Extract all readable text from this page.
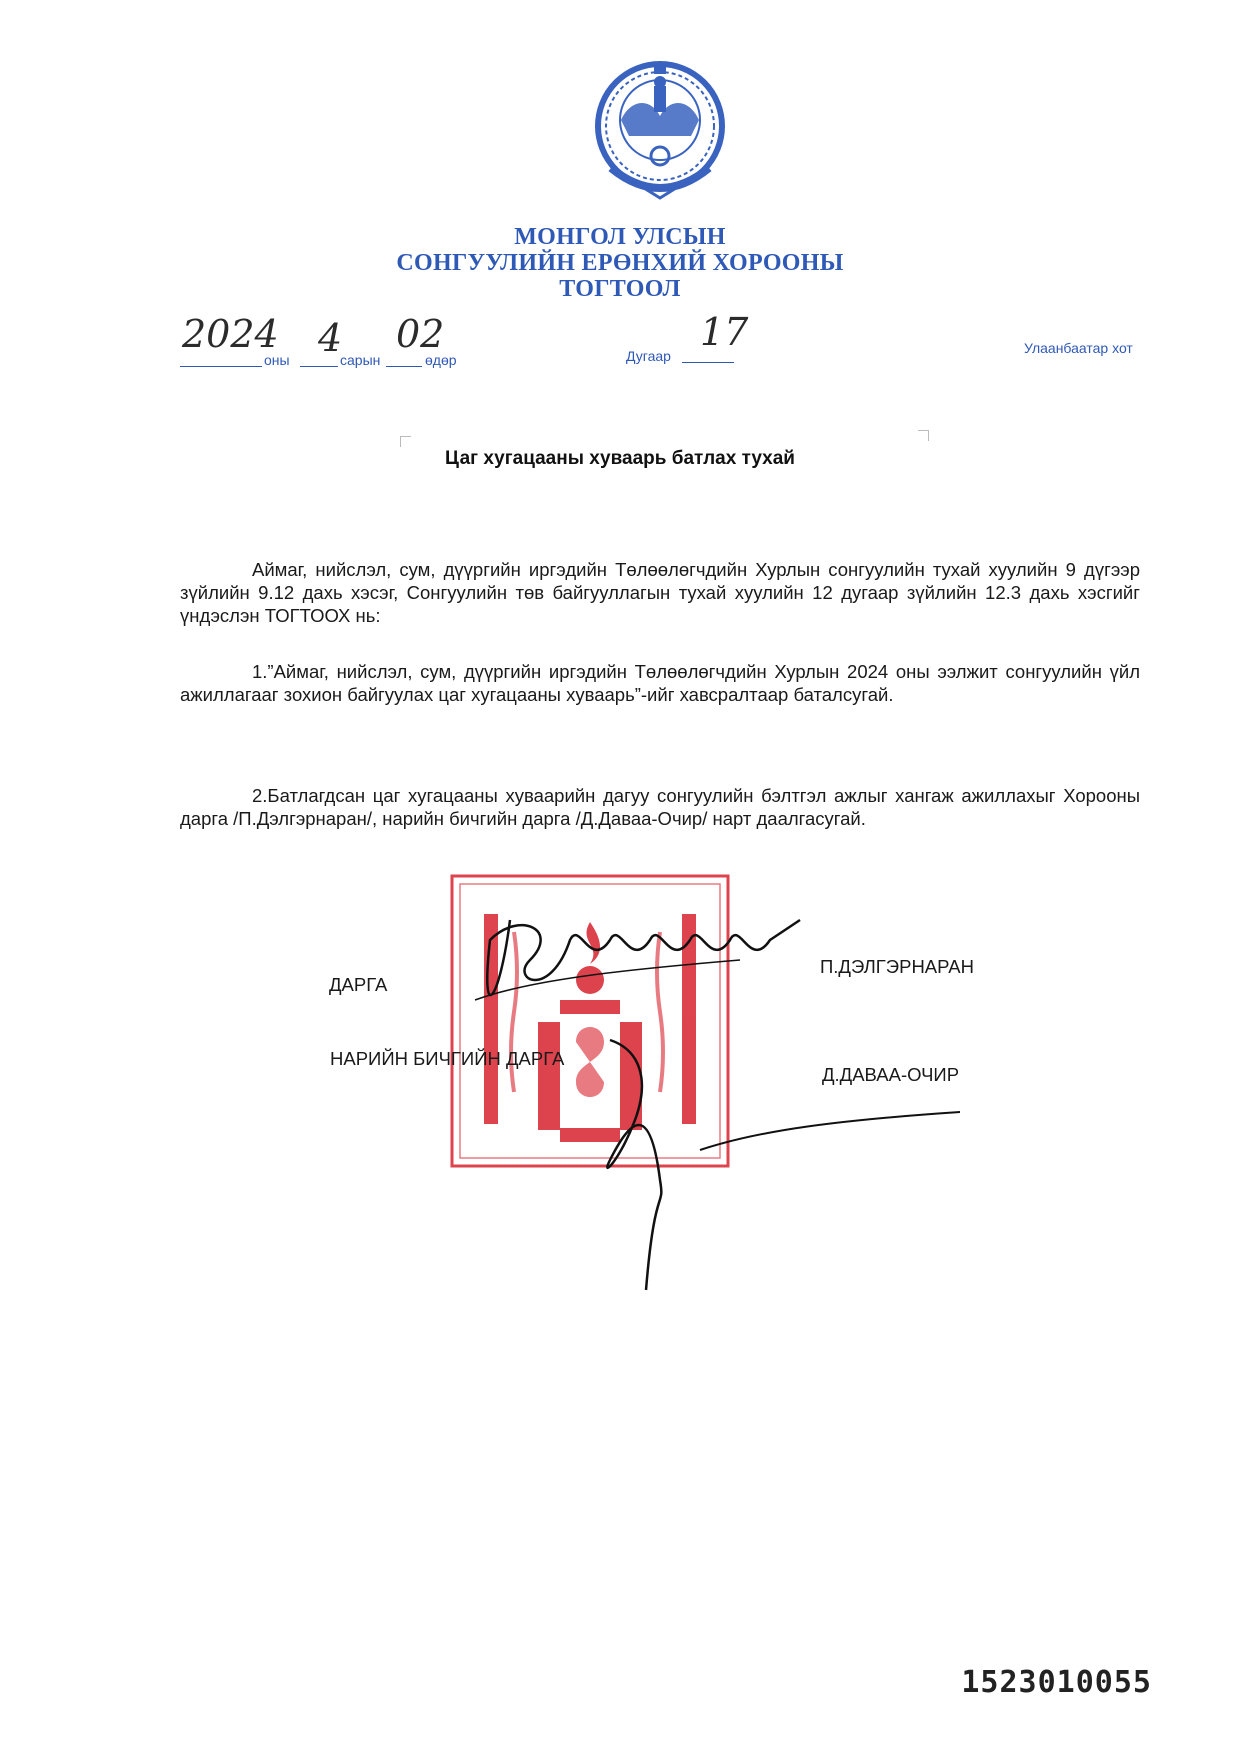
МОНГОЛ УЛСЫН
СОНГУУЛИЙН ЕРӨНХИЙ ХОРООНЫ
ТОГТООЛ
2024
оны 4
сарын
02
өдөр	Дугаар
17	Улаанбаатар хот
Цаг хугацааны хуваарь батлах тухай
Аймаг, нийслэл, сум, дүүргийн иргэдийн Төлөөлөгчдийн Хурлын сонгуулийн тухай хуулийн 9 дүгээр зүйлийн 9.12 дахь хэсэг, Сонгуулийн төв байгууллагын тухай хуулийн 12 дугаар зүйлийн 12.3 дахь хэсгийг үндэслэн ТОГТООХ нь:
1.”Аймаг, нийслэл, сум, дүүргийн иргэдийн Төлөөлөгчдийн Хурлын 2024 оны ээлжит сонгуулийн үйл ажиллагааг зохион байгуулах цаг хугацааны хуваарь”-ийг хавсралтаар баталсугай.
2.Батлагдсан цаг хугацааны хуваарийн дагуу сонгуулийн бэлтгэл ажлыг хангаж ажиллахыг Хорооны дарга /П.Дэлгэрнаран/, нарийн бичгийн дарга /Д.Даваа-Очир/ нарт даалгасугай.
ДАРГА
П.ДЭЛГЭРНАРАН
НАРИЙН БИЧГИЙН ДАРГА
Д.ДАВАА-ОЧИР
1523010055
